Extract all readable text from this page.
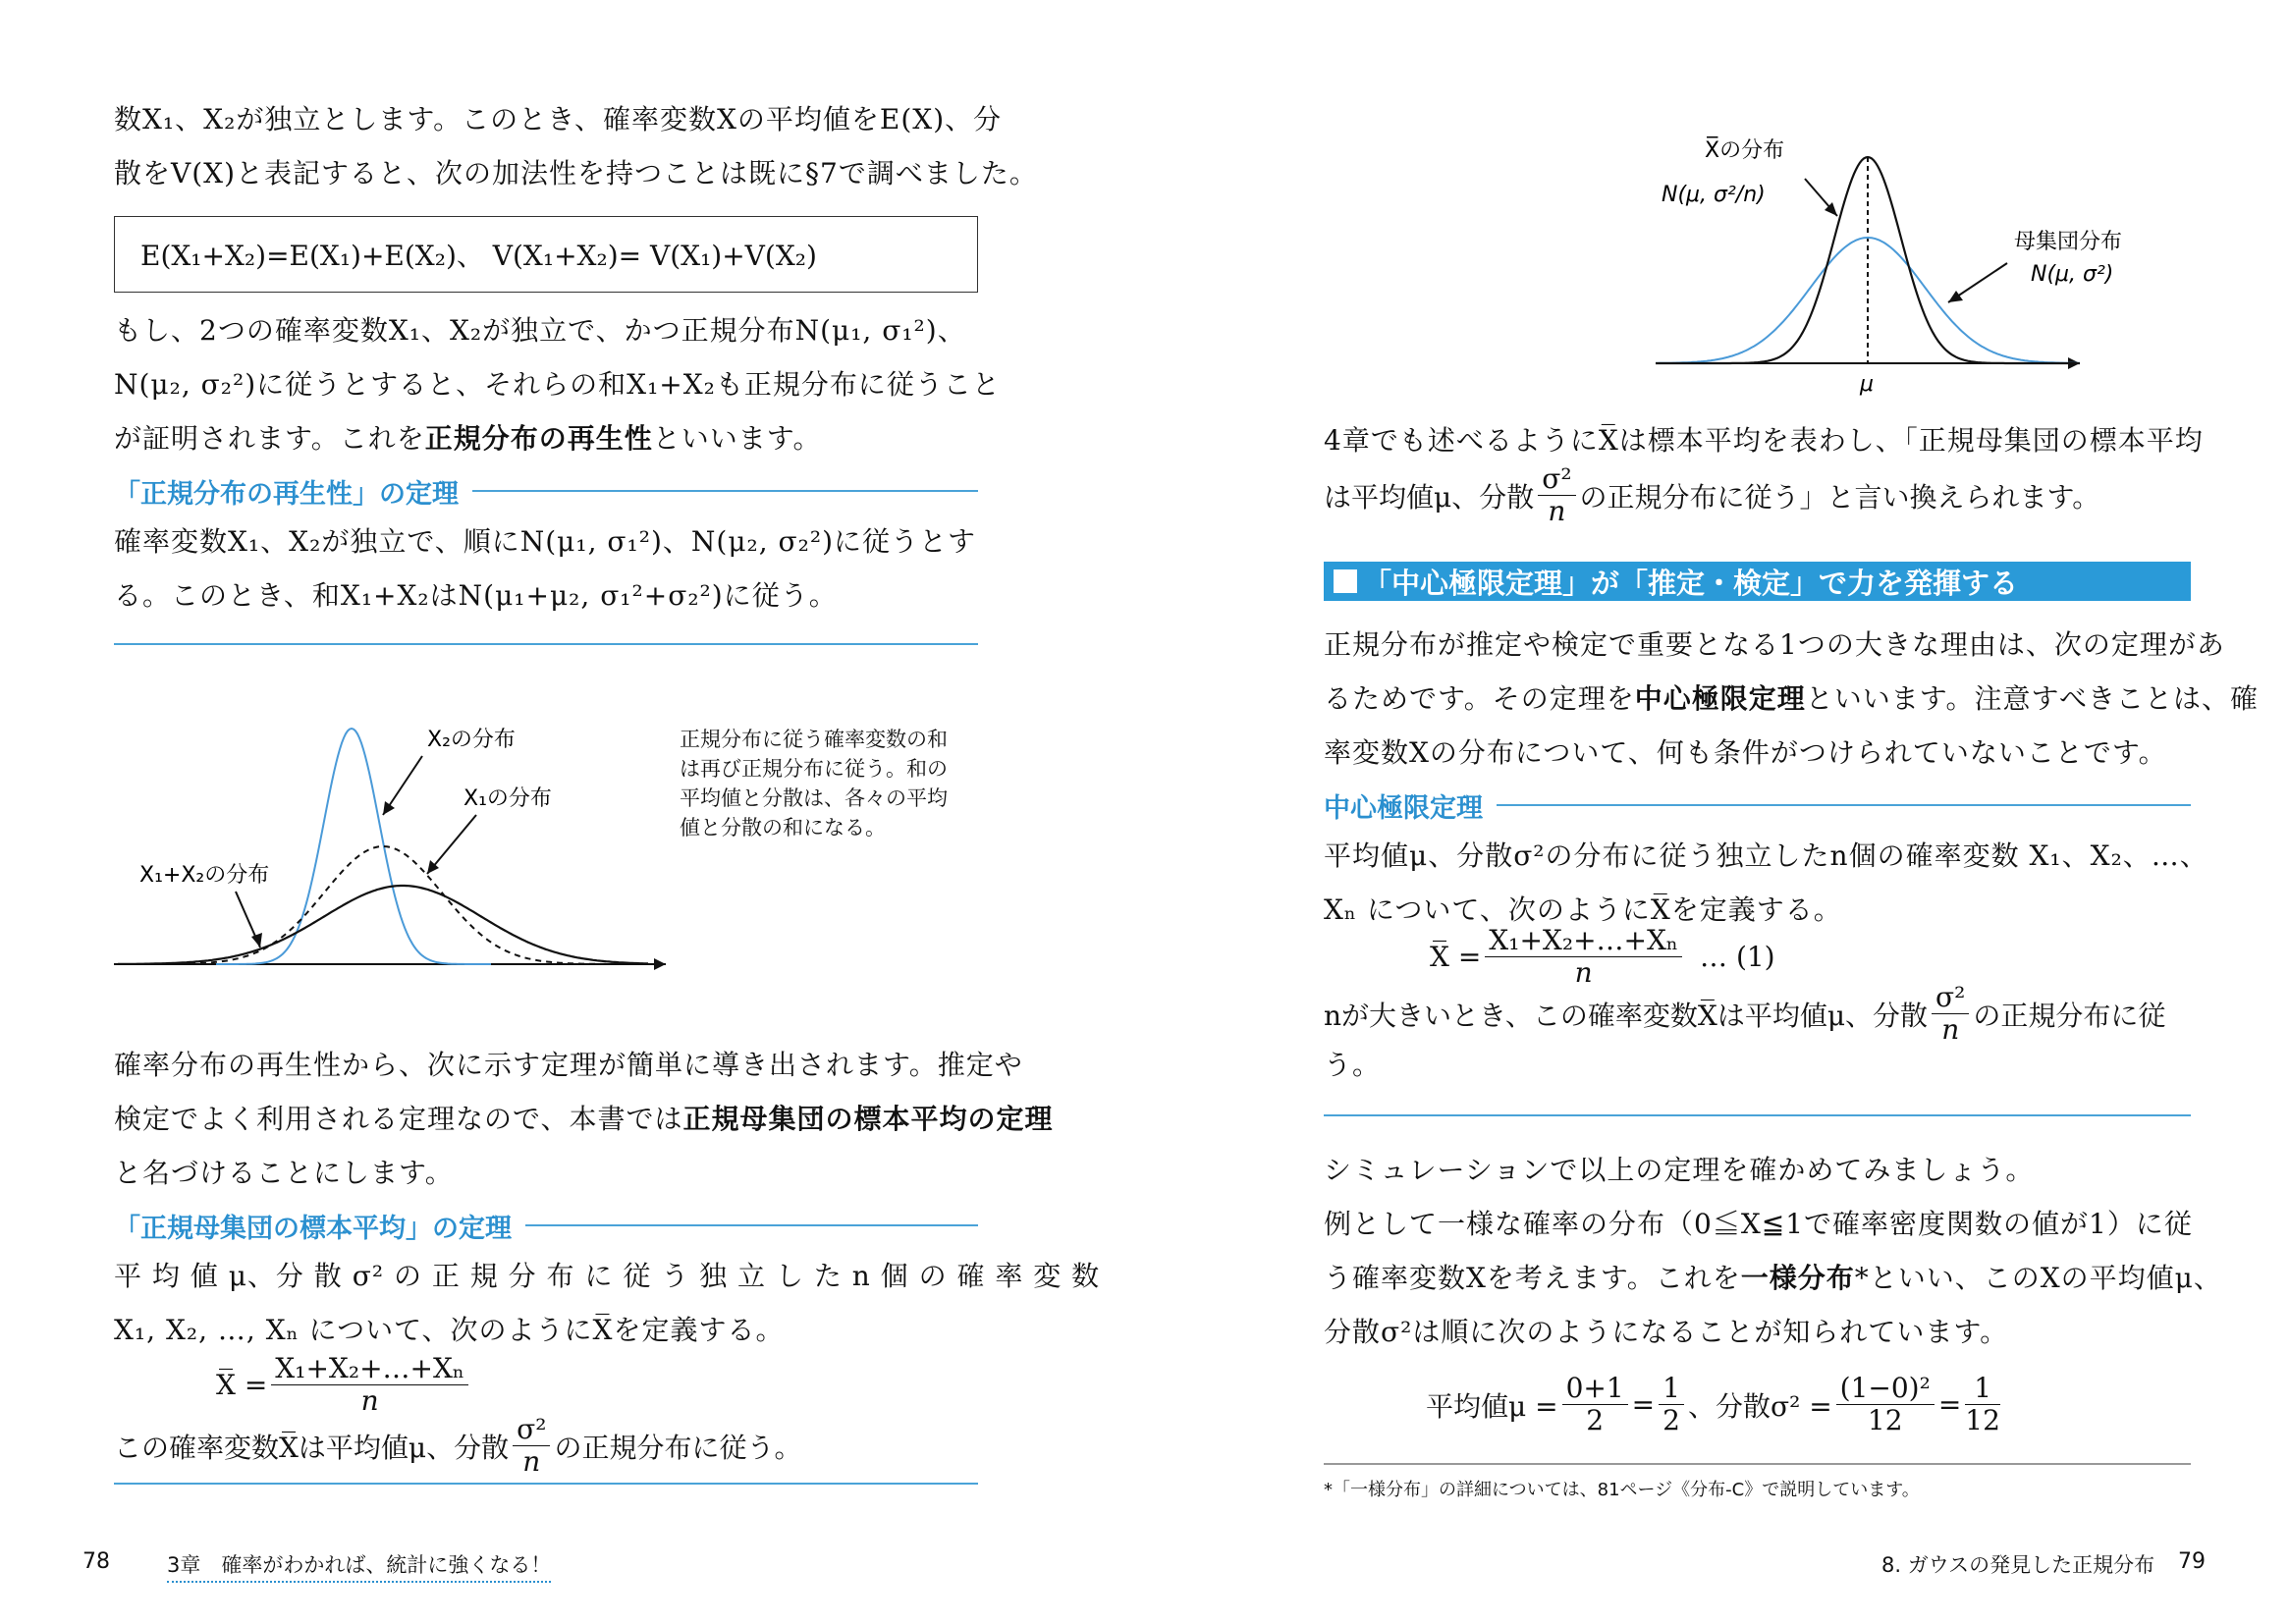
数X₁、X₂が独立とします。このとき、確率変数Xの平均値をE(X)、分
散をV(X)と表記すると、次の加法性を持つことは既に§7で調べました。
E(X₁+X₂)=E(X₁)+E(X₂)、 V(X₁+X₂)= V(X₁)+V(X₂)
もし、2つの確率変数X₁、X₂が独立で、かつ正規分布N(μ₁, σ₁²)、
N(μ₂, σ₂²)に従うとすると、それらの和X₁+X₂も正規分布に従うこと
が証明されます。これを正規分布の再生性といいます。
「正規分布の再生性」の定理
確率変数X₁、X₂が独立で、順にN(μ₁, σ₁²)、N(μ₂, σ₂²)に従うとす
る。このとき、和X₁+X₂はN(μ₁+μ₂, σ₁²+σ₂²)に従う。
X₂の分布
X₁の分布
X₁+X₂の分布
正規分布に従う確率変数の和
は再び正規分布に従う。和の
平均値と分散は、各々の平均
値と分散の和になる。
確率分布の再生性から、次に示す定理が簡単に導き出されます。推定や
検定でよく利用される定理なので、本書では正規母集団の標本平均の定理
と名づけることにします。
「正規母集団の標本平均」の定理
平 均 値 μ、分 散 σ² の 正 規 分 布 に 従 う 独 立 し た n 個 の 確 率 変 数
X₁, X₂, …, Xₙ について、次のようにX̅を定義する。
X̅ = $\frac{\text{X₁+X₂+…+Xₙ}}{n}$
この確率変数X̅は平均値μ、分散 $\frac{\text{σ²}}{n}$ の正規分布に従う。
78	3章　確率がわかれば、統計に強くなる！
μ
X̅の分布
N(μ, σ²/n)
母集団分布
N(μ, σ²)
4章でも述べるようにX̅は標本平均を表わし、「正規母集団の標本平均
は平均値μ、分散 $\frac{\text{σ²}}{n}$ の正規分布に従う」と言い換えられます。
「中心極限定理」が「推定・検定」で力を発揮する
正規分布が推定や検定で重要となる1つの大きな理由は、次の定理があ
るためです。その定理を中心極限定理といいます。注意すべきことは、確
率変数Xの分布について、何も条件がつけられていないことです。
中心極限定理
平均値μ、分散σ²の分布に従う独立したn個の確率変数 X₁、X₂、…、
Xₙ について、次のようにX̅を定義する。
X̅ = $\frac{\text{X₁+X₂+…+Xₙ}}{n}$ … (1)
nが大きいとき、この確率変数X̅は平均値μ、分散 $\frac{\text{σ²}}{n}$ の正規分布に従
う。
シミュレーションで以上の定理を確かめてみましょう。
例として一様な確率の分布（0≦X≦1で確率密度関数の値が1）に従
う確率変数Xを考えます。これを一様分布*といい、このXの平均値μ、
分散σ²は順に次のようになることが知られています。
平均値$\mu = \frac{0+1}{2} = \frac{1}{2}$ 、分散$\sigma^2 = \frac{\text{(1−0)²}}{12} = \frac{1}{12}$
*「一様分布」の詳細については、81ページ《分布-C》で説明しています。
8. ガウスの発見した正規分布 79
